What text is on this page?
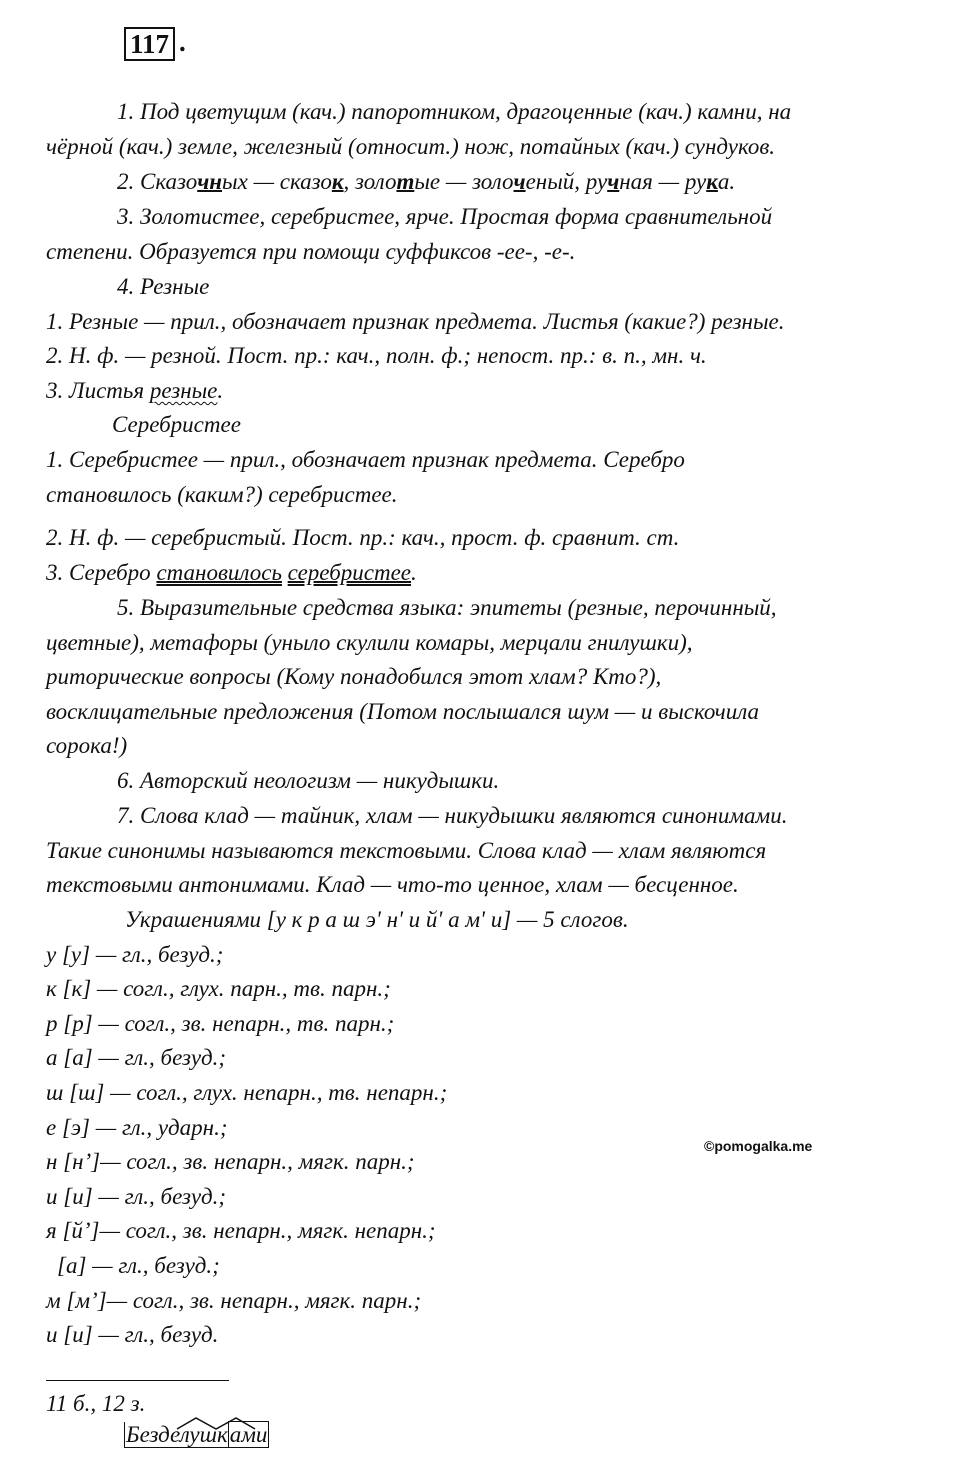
117 .
1. Под цветущим (кач.) папоротником, драгоценные (кач.) камни, на
чёрной (кач.) земле, железный (относит.) нож, потайных (кач.) сундуков.
2. Сказочных — сказок, золотые — золоченый, ручная — рука.
3. Золотистее, серебристее, ярче. Простая форма сравнительной
степени. Образуется при помощи суффиксов -ее-, -е-.
4. Резные
1. Резные — прил., обозначает признак предмета. Листья (какие?) резные.
2. Н. ф. — резной. Пост. пр.: кач., полн. ф.; непост. пр.: в. п., мн. ч.
3. Листья резные.
Серебристее
1. Серебристее — прил., обозначает признак предмета. Серебро
становилось (каким?) серебристее.
2. Н. ф. — серебристый. Пост. пр.: кач., прост. ф. сравнит. ст.
3. Серебро становилось серебристее.
5. Выразительные средства языка: эпитеты (резные, перочинный,
цветные), метафоры (уныло скулили комары, мерцали гнилушки),
риторические вопросы (Кому понадобился этот хлам? Кто?),
восклицательные предложения (Потом послышался шум — и выскочила
сорока!)
6. Авторский неологизм — никудышки.
7. Слова клад — тайник, хлам — никудышки являются синонимами.
Такие синонимы называются текстовыми. Слова клад — хлам являются
текстовыми антонимами. Клад — что-то ценное, хлам — бесценное.
Украшениями [у к р а ш э' н' и й' а м' и] — 5 слогов.
у [у] — гл., безуд.;
к [к] — согл., глух. парн., тв. парн.;
р [р] — согл., зв. непарн., тв. парн.;
а [а] — гл., безуд.;
ш [ш] — согл., глух. непарн., тв. непарн.;
е [э] — гл., ударн.;
н [н’]— согл., зв. непарн., мягк. парн.;
и [и] — гл., безуд.;
я [й’]— согл., зв. непарн., мягк. непарн.;
[а] — гл., безуд.;
м [м’]— согл., зв. непарн., мягк. парн.;
и [и] — гл., безуд.
©pomogalka.me
11 б., 12 з.
Безделушками
